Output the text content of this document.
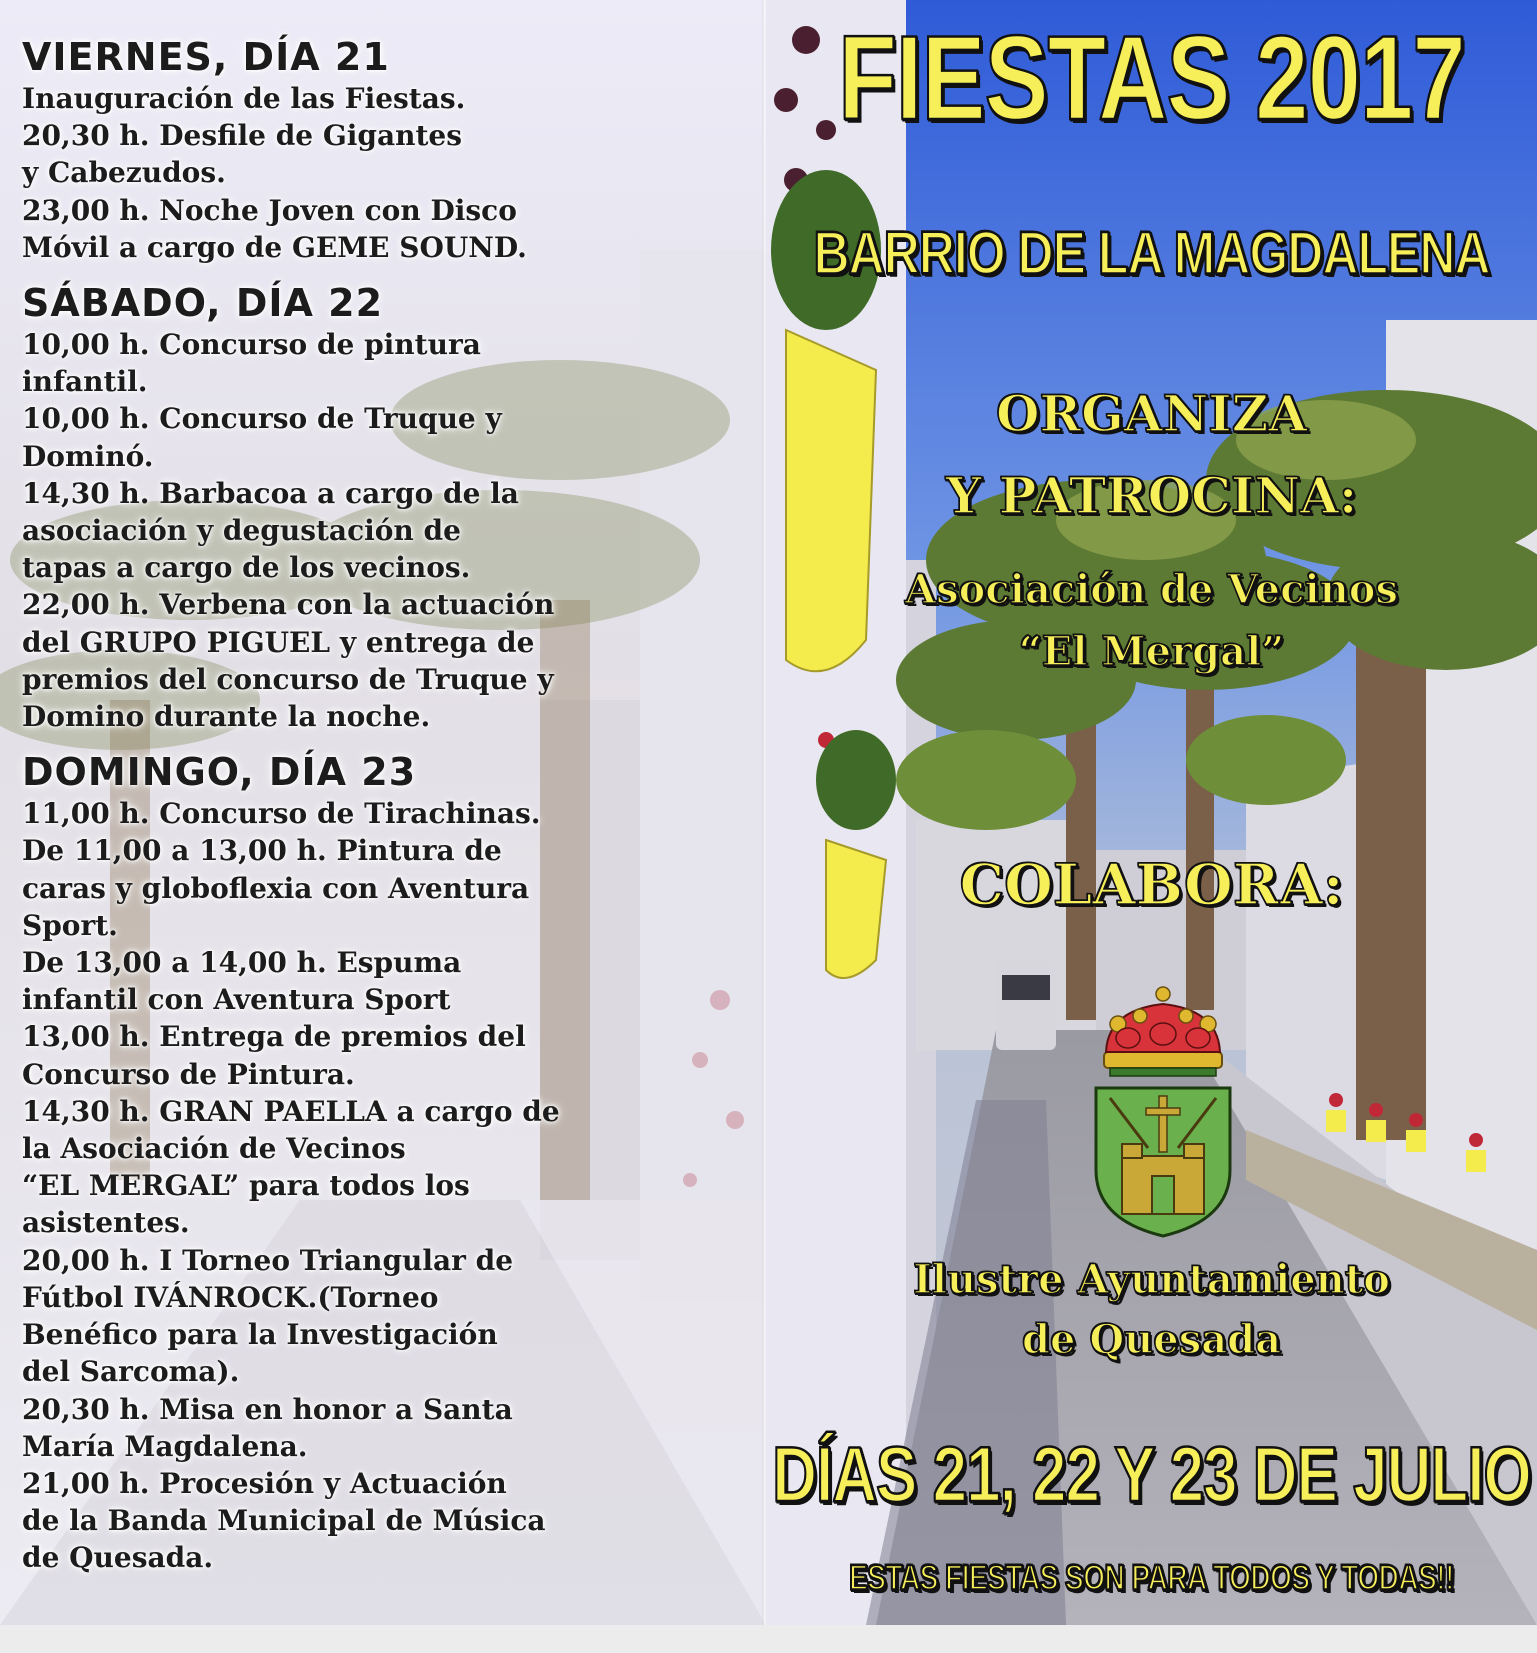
VIERNES, DÍA 21

Inauguración de las Fiestas.

20,30 h. Desfile de Gigantes

y Cabezudos.

23,00 h. Noche Joven con Disco

Móvil a cargo de GEME SOUND.

SÁBADO, DÍA 22

10,00 h. Concurso de pintura

infantil.

10,00 h. Concurso de Truque y

Dominó.

14,30 h. Barbacoa a cargo de la

asociación y degustación de

tapas a cargo de los vecinos.

22,00 h. Verbena con la actuación

del GRUPO PIGUEL y entrega de

premios del concurso de Truque y

Domino durante la noche.

DOMINGO, DÍA 23

11,00 h. Concurso de Tirachinas.

De 11,00 a 13,00 h. Pintura de

caras y globoflexia con Aventura

Sport.

De 13,00 a 14,00 h. Espuma

infantil con Aventura Sport

13,00 h. Entrega de premios del

Concurso de Pintura.

14,30 h. GRAN PAELLA a cargo de

la Asociación de Vecinos

“EL MERGAL” para todos los

asistentes.

20,00 h. I Torneo Triangular de

Fútbol IVÁNROCK.(Torneo

Benéfico para la Investigación

del Sarcoma).

20,30 h. Misa en honor a Santa

María Magdalena.

21,00 h. Procesión y Actuación

de la Banda Municipal de Música

de Quesada.

FIESTAS 2017

BARRIO DE LA MAGDALENA

ORGANIZA

Y PATROCINA:

Asociación de Vecinos

“El Mergal”

COLABORA:

Ilustre Ayuntamiento

de Quesada

DÍAS 21, 22 Y 23 DE JULIO

ESTAS FIESTAS SON PARA TODOS Y TODAS!!
